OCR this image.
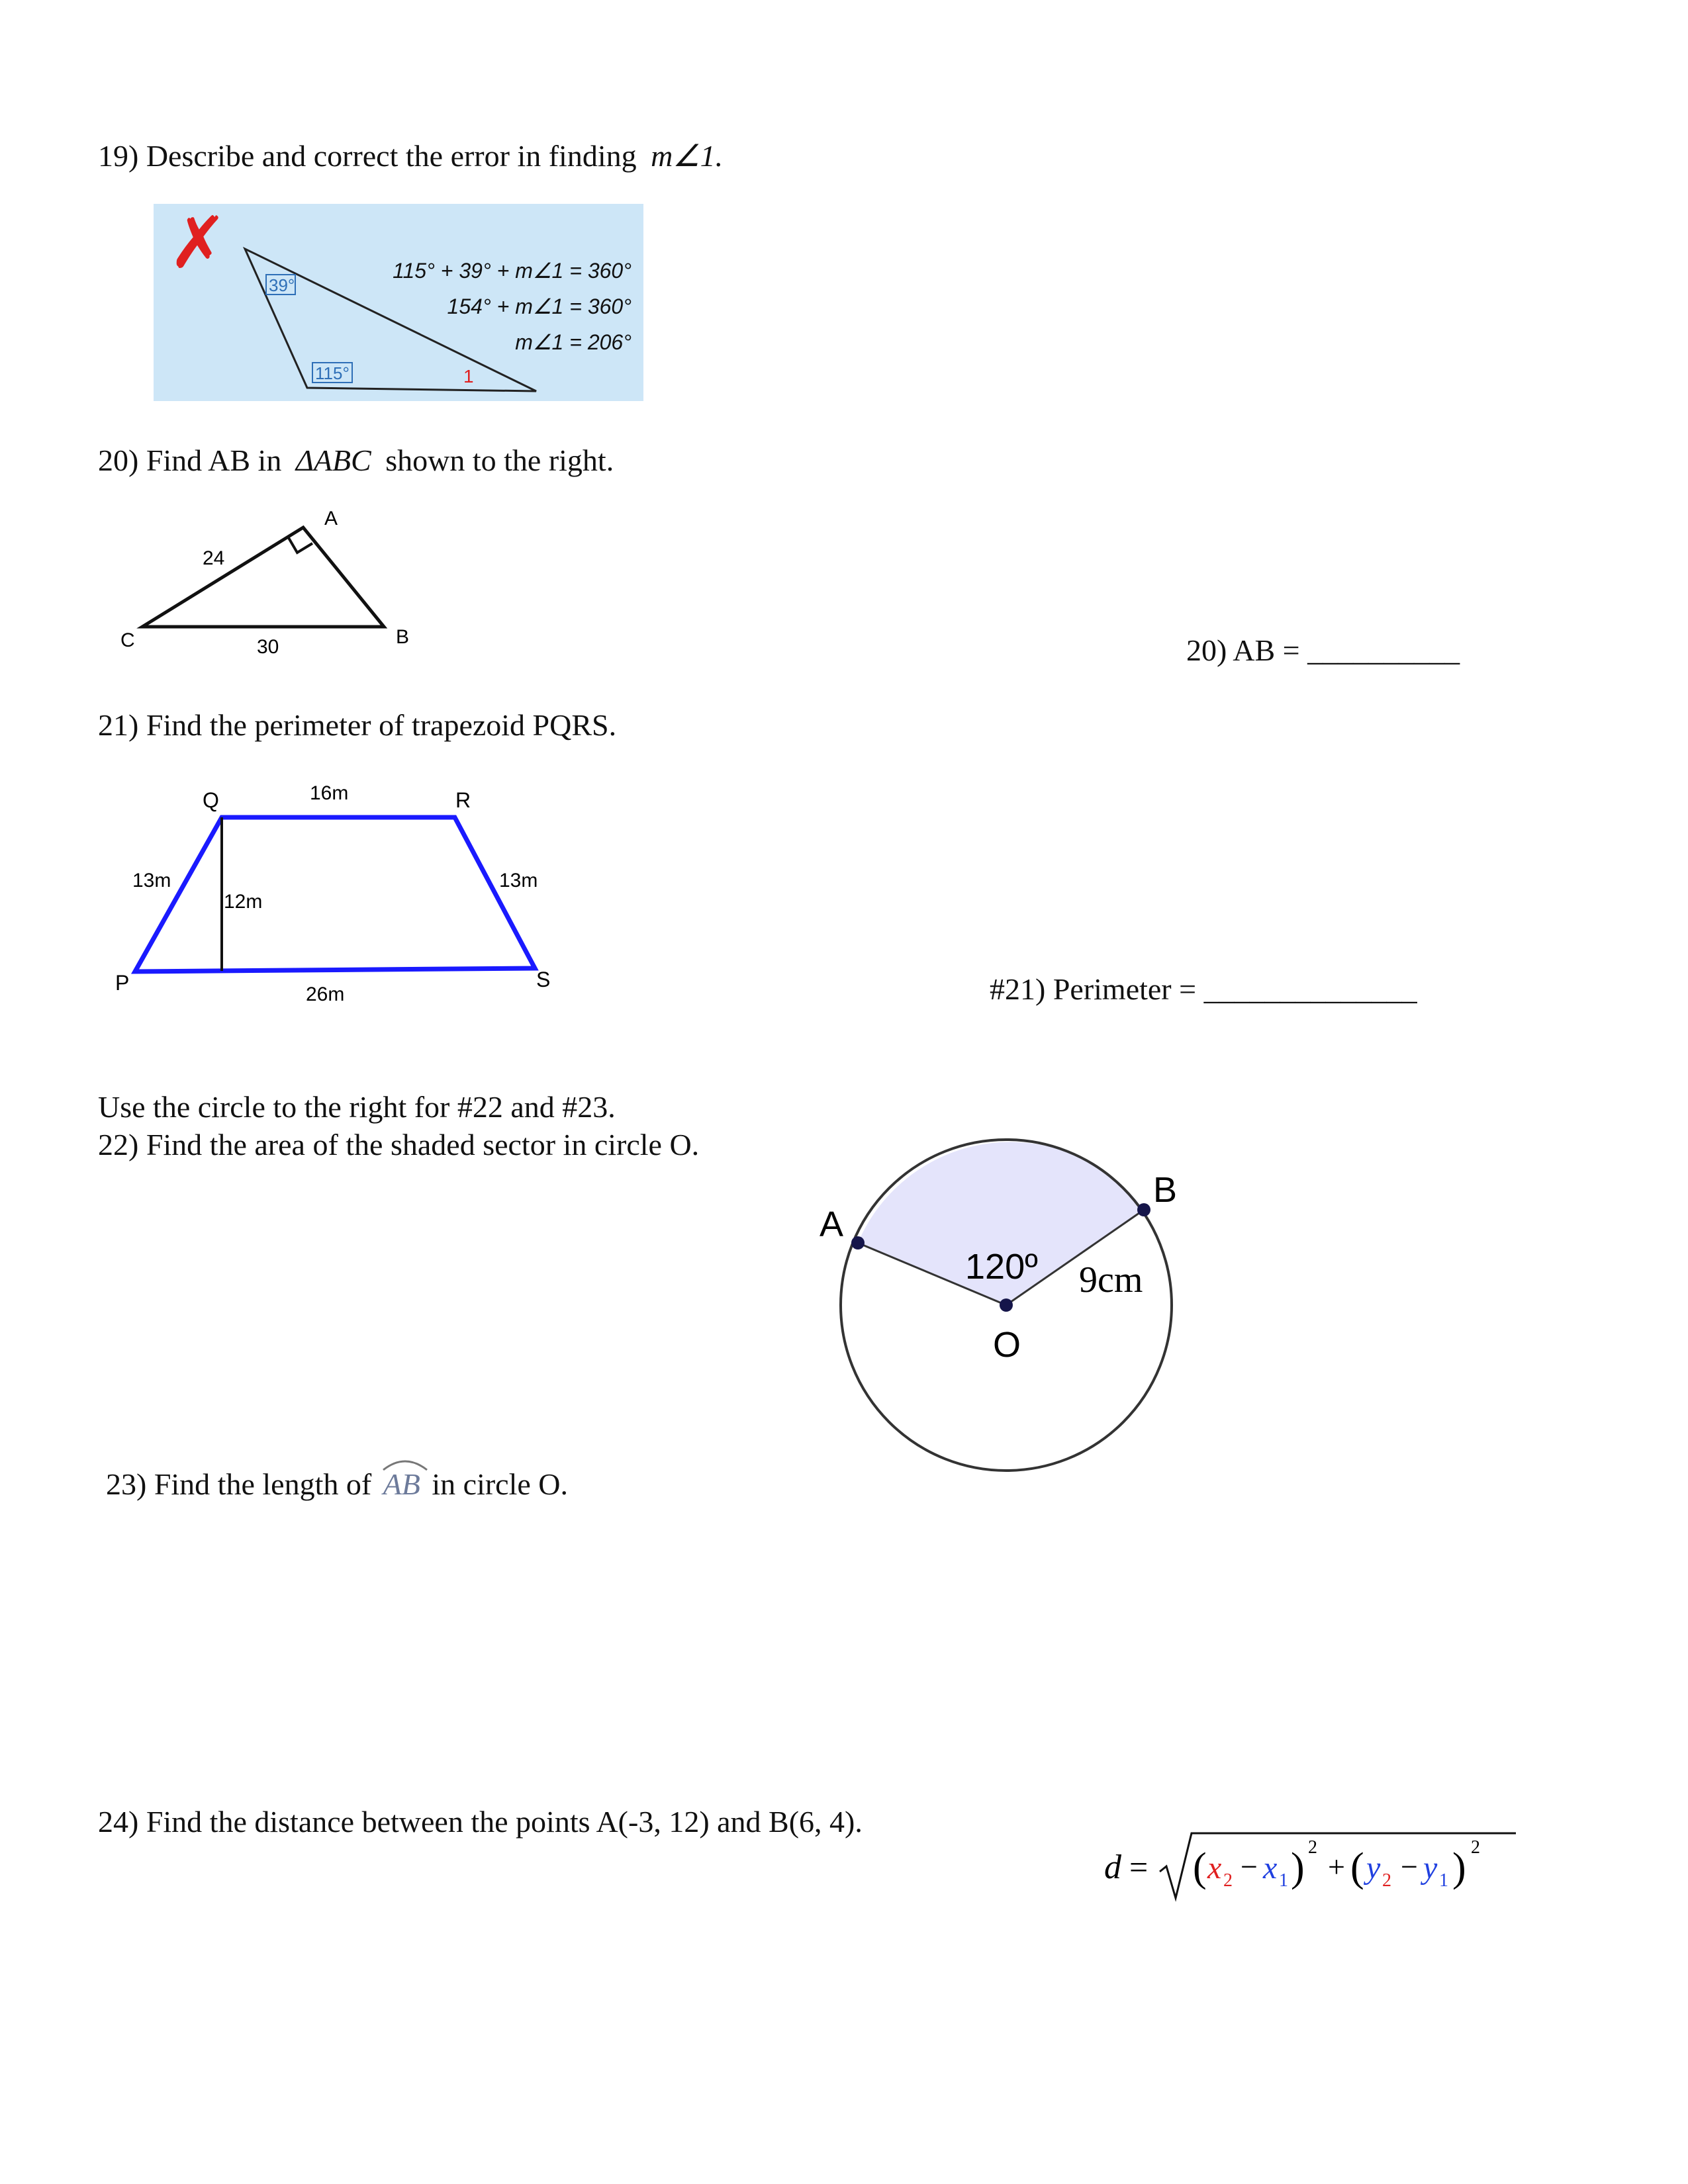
19) Describe and correct the error in finding m∠1.
✗
39°
115°	1
115° + 39° + m∠1 = 360°
154° + m∠1 = 360°
m∠1 = 206°
20) Find AB in ΔABC shown to the right.
A
C	B
24
30	20) AB = __________
21) Find the perimeter of trapezoid PQRS.
Q	R
P	S
16m
13m	13m
12m
26m	#21) Perimeter = ______________
Use the circle to the right for #22 and #23.
22) Find the area of the shaded sector in circle O.
A
B
O
120º 9cm
23) Find the length of AB in circle O.
24) Find the distance between the points A(-3, 12) and B(6, 4).
d = ( x 2 − x 1 ) 2
+ ( y 2 − y 1 ) 2
